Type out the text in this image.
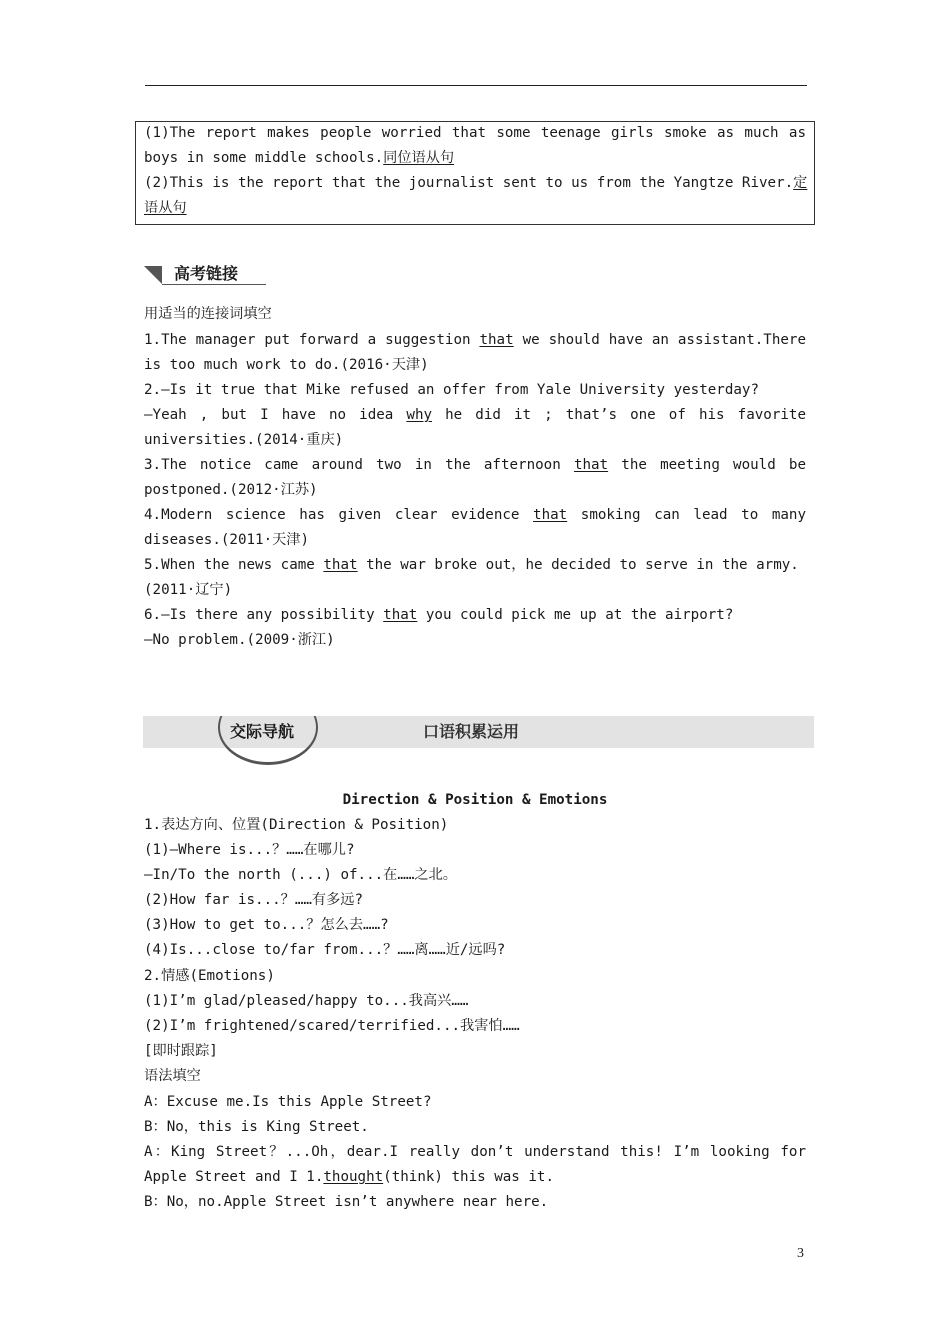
(1)The report makes people worried that some teenage girls smoke as much as
boys in some middle schools.同位语从句
(2)This is the report that the journalist sent to us from the Yangtze River.定
语从句
高考链接
用适当的连接词填空
1.The manager put forward a suggestion that we should have an assistant.There
is too much work to do.(2016·天津)
2.—Is it true that Mike refused an offer from Yale University yesterday?
—Yeah , but I have no idea why he did it ; that’s one of his favorite
universities.(2014·重庆)
3.The notice came around two in the afternoon that the meeting would be
postponed.(2012·江苏)
4.Modern science has given clear evidence that smoking can lead to many
diseases.(2011·天津)
5.When the news came that the war broke out，he decided to serve in the army.
(2011·辽宁)
6.—Is there any possibility that you could pick me up at the airport?
—No problem.(2009·浙江)
交际导航	口语积累运用
Direction & Position & Emotions
1.表达方向、位置(Direction & Position)
(1)—Where is...？……在哪儿?
—In/To the north (...) of...在……之北。
(2)How far is...？……有多远?
(3)How to get to...？怎么去……?
(4)Is...close to/far from...？……离……近/远吗?
2.情感(Emotions)
(1)I’m glad/pleased/happy to...我高兴……
(2)I’m frightened/scared/terrified...我害怕……
[即时跟踪]
语法填空
A：Excuse me.Is this Apple Street?
B：No，this is King Street.
A：King Street？...Oh，dear.I really don’t understand this! I’m looking for
Apple Street and I 1.thought(think) this was it.
B：No，no.Apple Street isn’t anywhere near here.
3
